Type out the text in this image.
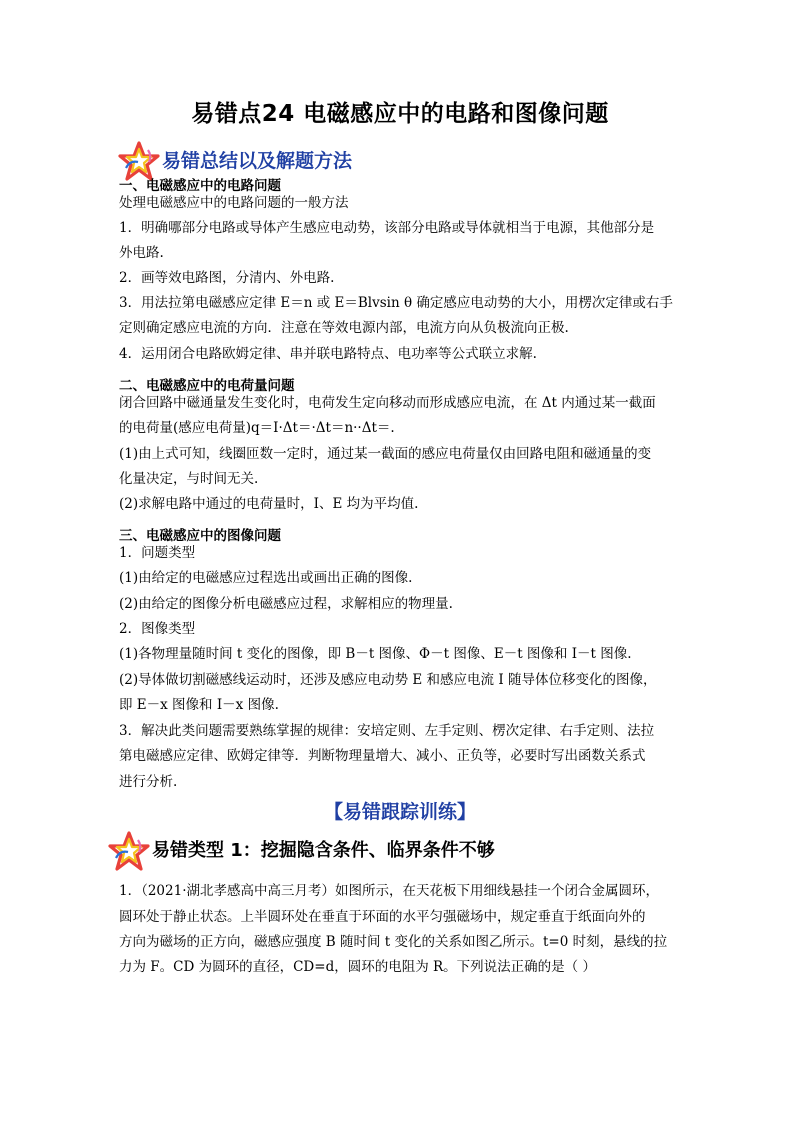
易错点24 电磁感应中的电路和图像问题
易错总结以及解题方法
一、电磁感应中的电路问题
处理电磁感应中的电路问题的一般方法
1．明确哪部分电路或导体产生感应电动势，该部分电路或导体就相当于电源，其他部分是
外电路.
2．画等效电路图，分清内、外电路.
3．用法拉第电磁感应定律 E＝n 或 E＝Blvsin θ 确定感应电动势的大小，用楞次定律或右手
定则确定感应电流的方向．注意在等效电源内部，电流方向从负极流向正极.
4．运用闭合电路欧姆定律、串并联电路特点、电功率等公式联立求解.
二、电磁感应中的电荷量问题
闭合回路中磁通量发生变化时，电荷发生定向移动而形成感应电流，在 Δt 内通过某一截面
的电荷量(感应电荷量)q＝I·Δt＝·Δt＝n··Δt＝.
(1)由上式可知，线圈匝数一定时，通过某一截面的感应电荷量仅由回路电阻和磁通量的变
化量决定，与时间无关.
(2)求解电路中通过的电荷量时，I、E 均为平均值.
三、电磁感应中的图像问题
1．问题类型
(1)由给定的电磁感应过程选出或画出正确的图像.
(2)由给定的图像分析电磁感应过程，求解相应的物理量.
2．图像类型
(1)各物理量随时间 t 变化的图像，即 B－t 图像、Φ－t 图像、E－t 图像和 I－t 图像.
(2)导体做切割磁感线运动时，还涉及感应电动势 E 和感应电流 I 随导体位移变化的图像，
即 E－x 图像和 I－x 图像.
3．解决此类问题需要熟练掌握的规律：安培定则、左手定则、楞次定律、右手定则、法拉
第电磁感应定律、欧姆定律等．判断物理量增大、减小、正负等，必要时写出函数关系式
进行分析.
【易错跟踪训练】
易错类型 1：挖掘隐含条件、临界条件不够
1．（2021·湖北孝感高中高三月考）如图所示，在天花板下用细线悬挂一个闭合金属圆环，
圆环处于静止状态。上半圆环处在垂直于环面的水平匀强磁场中，规定垂直于纸面向外的
方向为磁场的正方向，磁感应强度 B 随时间 t 变化的关系如图乙所示。t=0 时刻，悬线的拉
力为 F。CD 为圆环的直径，CD=d，圆环的电阻为 R。下列说法正确的是（ ）
